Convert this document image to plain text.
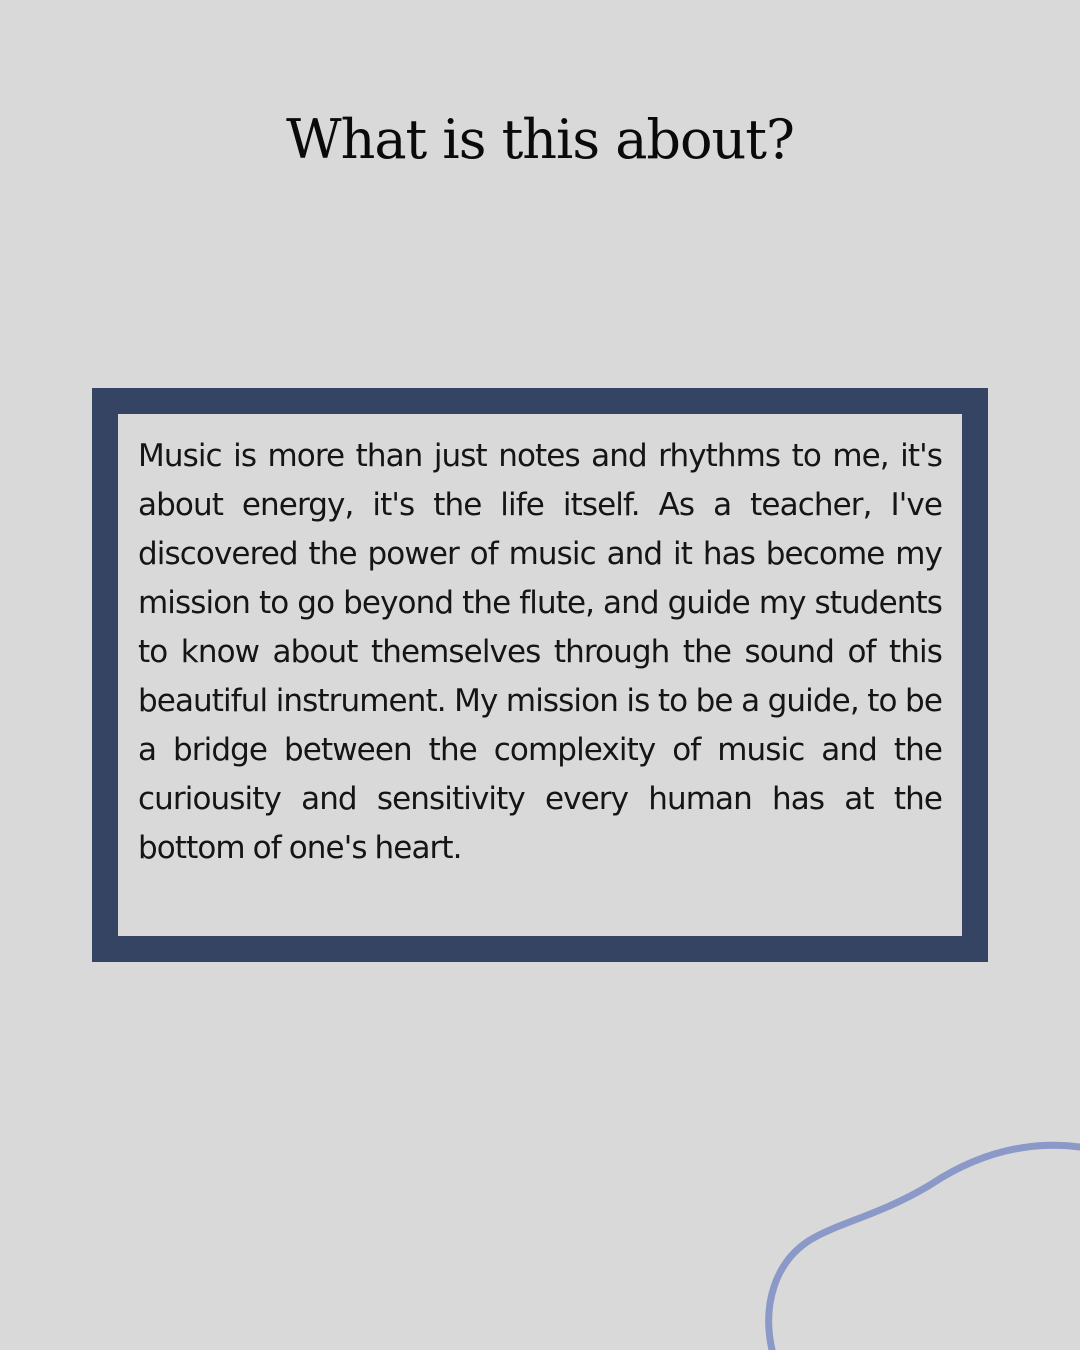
What is this about?

Music is more than just notes and rhythms to me, it's about energy, it's the life itself. As a teacher, I've discovered the power of music and it has become my mission to go beyond the flute, and guide my students to know about themselves through the sound of this beautiful instrument. My mission is to be a guide, to be a bridge between the complexity of music and the curiousity and sensitivity every human has at the bottom of one's heart.
